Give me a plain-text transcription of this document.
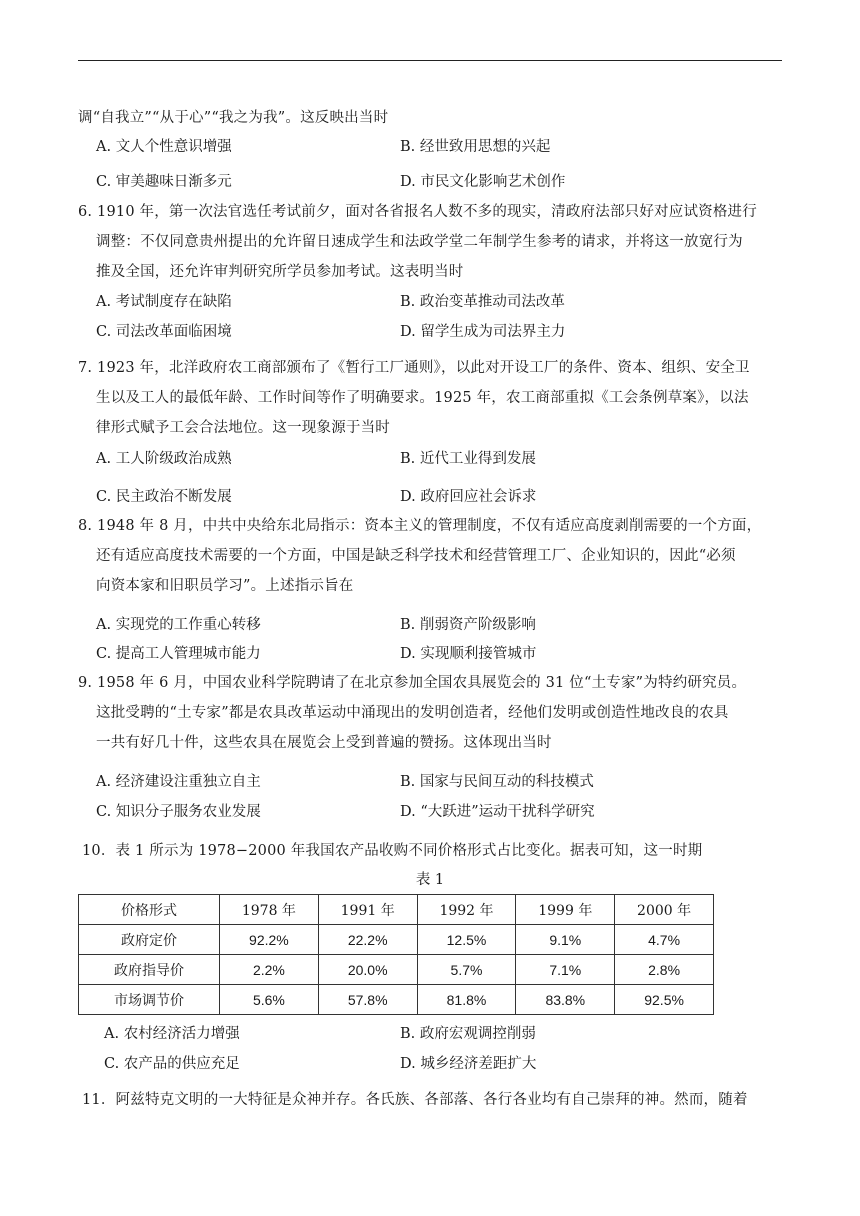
调“自我立”“从于心”“我之为我”。这反映出当时
A. 文人个性意识增强	B. 经世致用思想的兴起
C. 审美趣味日渐多元	D. 市民文化影响艺术创作
6. 1910 年，第一次法官选任考试前夕，面对各省报名人数不多的现实，清政府法部只好对应试资格进行
调整：不仅同意贵州提出的允许留日速成学生和法政学堂二年制学生参考的请求，并将这一放宽行为
推及全国，还允许审判研究所学员参加考试。这表明当时
A. 考试制度存在缺陷	B. 政治变革推动司法改革
C. 司法改革面临困境	D. 留学生成为司法界主力
7. 1923 年，北洋政府农工商部颁布了《暂行工厂通则》，以此对开设工厂的条件、资本、组织、安全卫
生以及工人的最低年龄、工作时间等作了明确要求。1925 年，农工商部重拟《工会条例草案》，以法
律形式赋予工会合法地位。这一现象源于当时
A. 工人阶级政治成熟	B. 近代工业得到发展
C. 民主政治不断发展	D. 政府回应社会诉求
8. 1948 年 8 月，中共中央给东北局指示：资本主义的管理制度，不仅有适应高度剥削需要的一个方面，
还有适应高度技术需要的一个方面，中国是缺乏科学技术和经营管理工厂、企业知识的，因此“必须
向资本家和旧职员学习”。上述指示旨在
A. 实现党的工作重心转移	B. 削弱资产阶级影响
C. 提高工人管理城市能力	D. 实现顺利接管城市
9. 1958 年 6 月，中国农业科学院聘请了在北京参加全国农具展览会的 31 位“土专家”为特约研究员。
这批受聘的“土专家”都是农具改革运动中涌现出的发明创造者，经他们发明或创造性地改良的农具
一共有好几十件，这些农具在展览会上受到普遍的赞扬。这体现出当时
A. 经济建设注重独立自主	B. 国家与民间互动的科技模式
C. 知识分子服务农业发展	D. “大跃进”运动干扰科学研究
10．表 1 所示为 1978−2000 年我国农产品收购不同价格形式占比变化。据表可知，这一时期
表 1
价格形式	1978 年	1991 年	1992 年	1999 年	2000 年
政府定价	92.2%	22.2%	12.5%	9.1%	4.7%
政府指导价	2.2%	20.0%	5.7%	7.1%	2.8%
市场调节价	5.6%	57.8%	81.8%	83.8%	92.5%
A. 农村经济活力增强	B. 政府宏观调控削弱
C. 农产品的供应充足	D. 城乡经济差距扩大
11．阿兹特克文明的一大特征是众神并存。各氏族、各部落、各行各业均有自己崇拜的神。然而，随着
